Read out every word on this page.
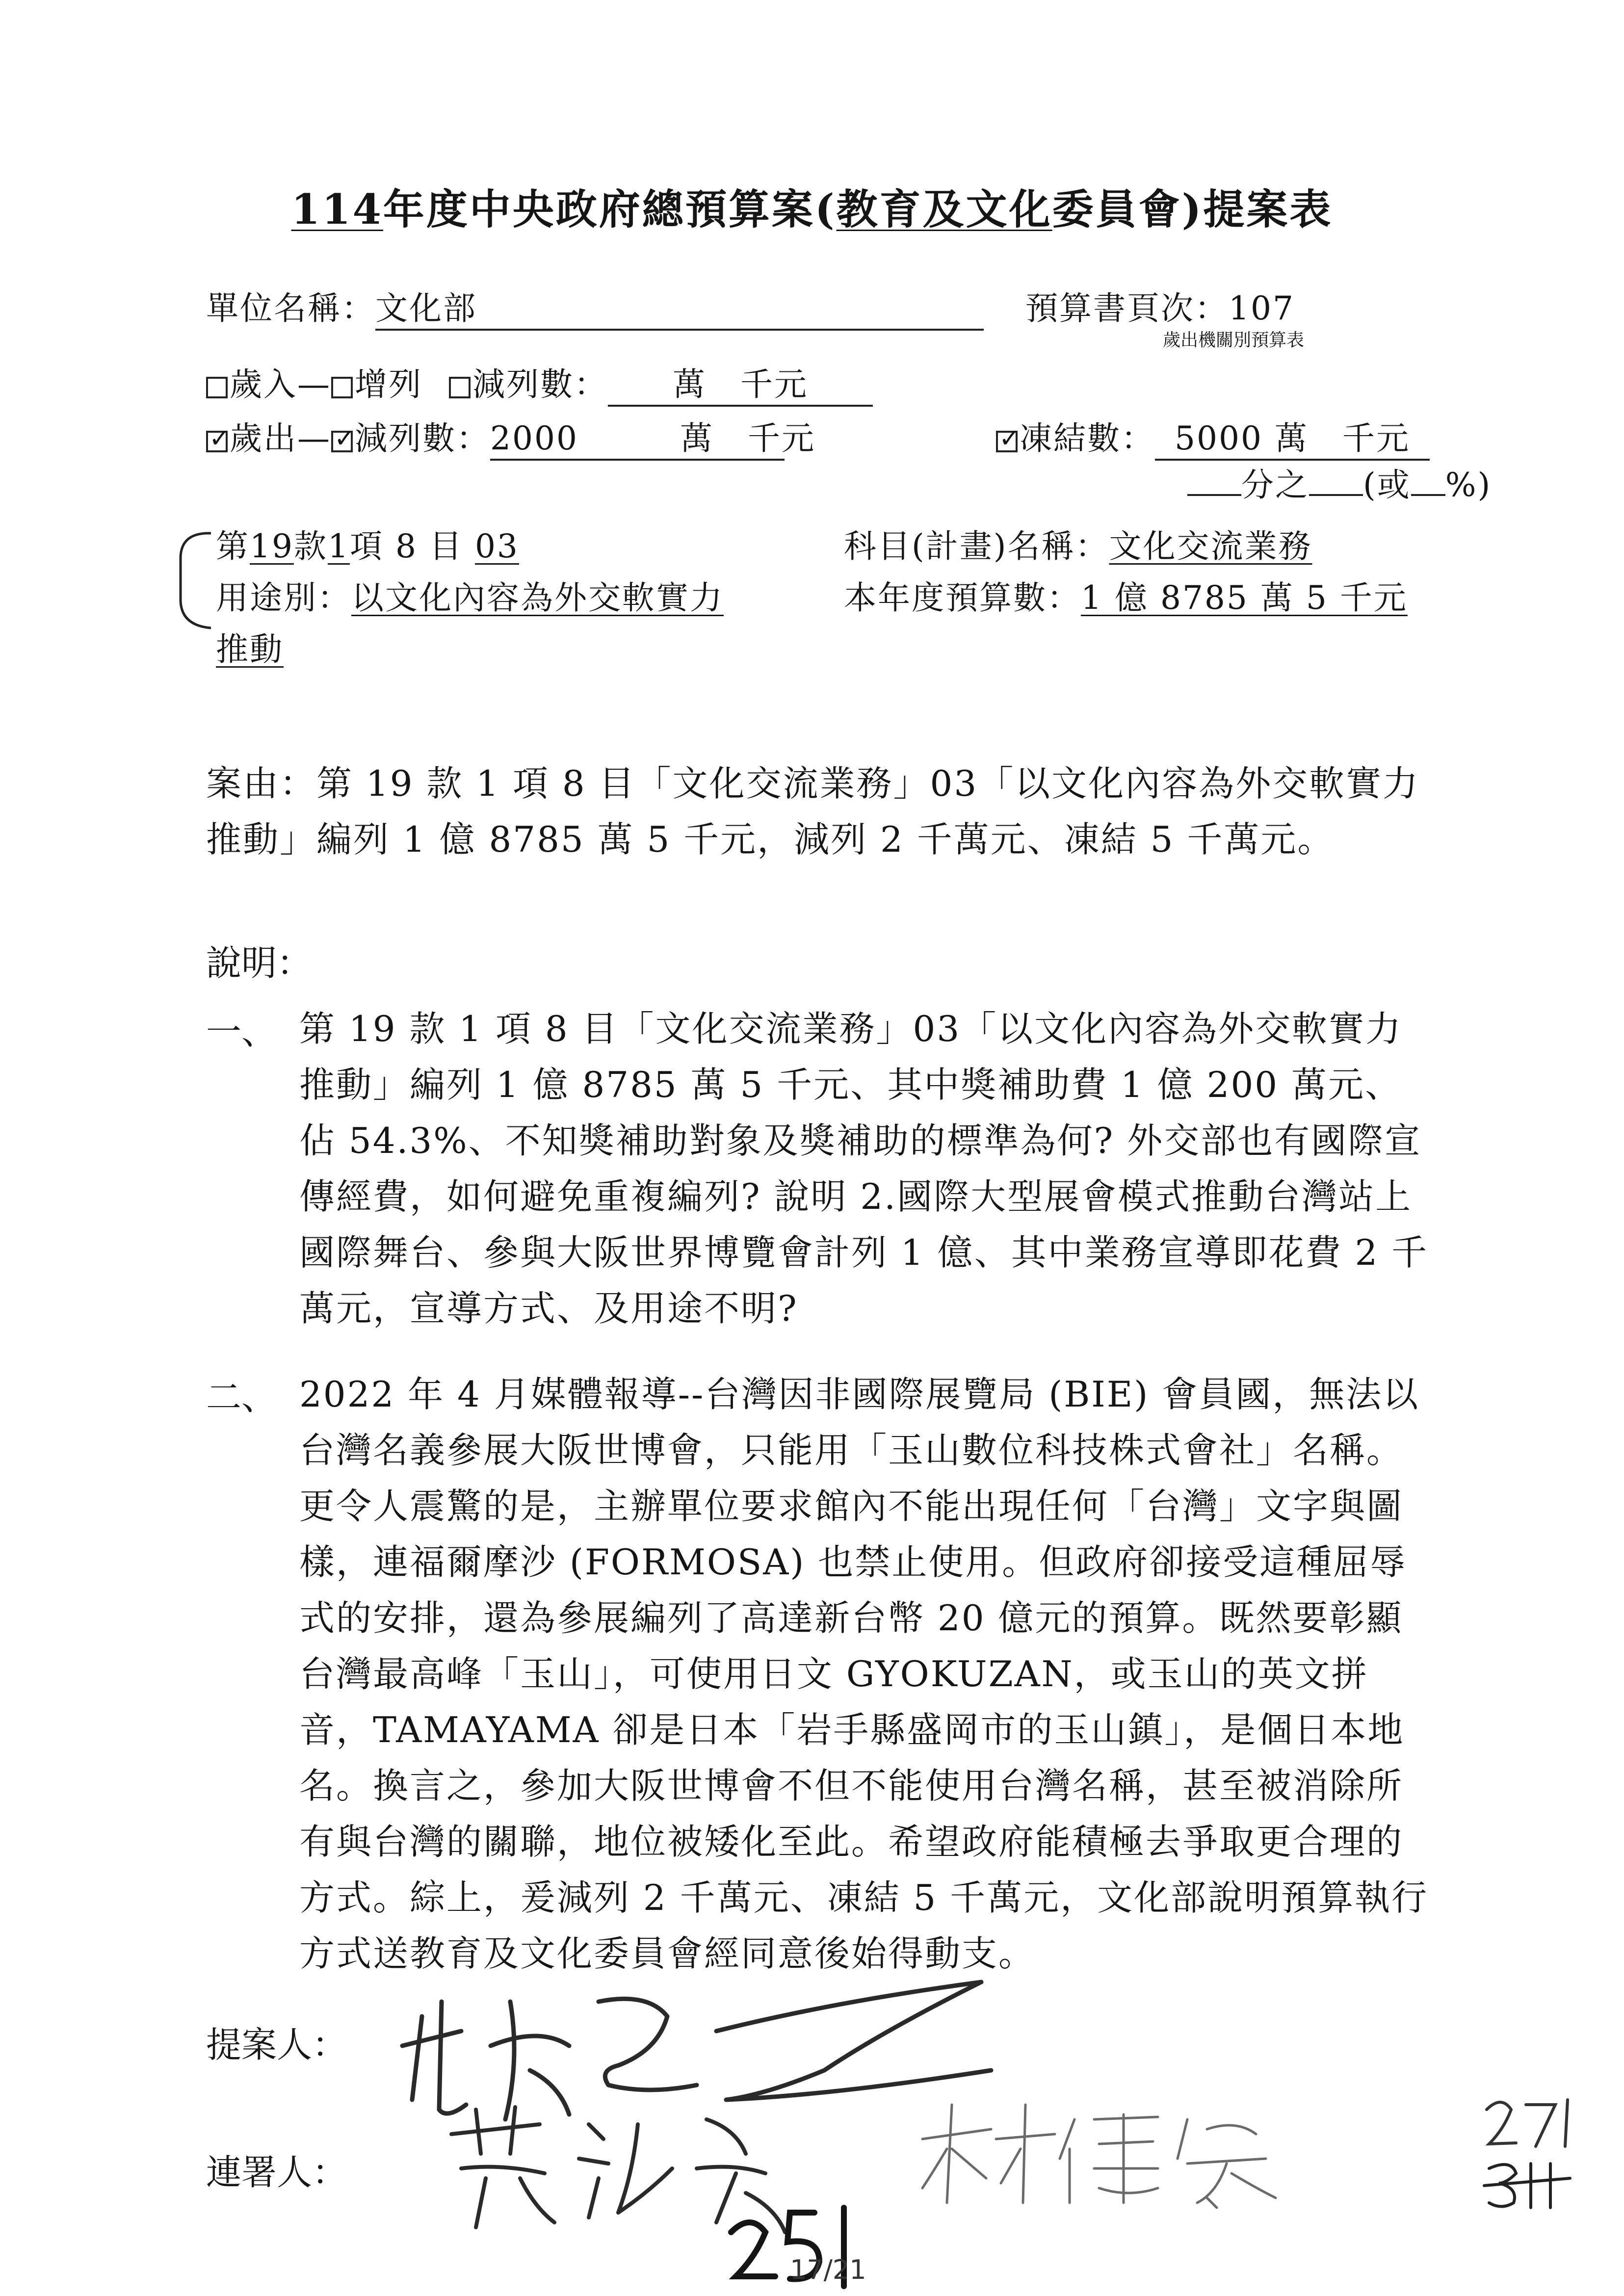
114年度中央政府總預算案(教育及文化委員會)提案表
單位名稱：文化部	預算書頁次：107
歲出機關別預算表
歲入— 增列 減列數： 萬　 千元
✓歲出— ✓ 減列數：2000　　　	萬　 千元 ✓	凍結數： 5000 萬　 千元
分之 (或 %)
第19款1項 8 目 03	科目(計畫)名稱：文化交流業務
用途別：以文化內容為外交軟實力
推動
本年度預算數：1 億 8785 萬 5 千元
案由：第 19 款 1 項 8 目「文化交流業務」03「以文化內容為外交軟實力推動」編列 1 億 8785 萬 5 千元，減列 2 千萬元、凍結 5 千萬元。
說明：
一、 第 19 款 1 項 8 目「文化交流業務」03「以文化內容為外交軟實力推動」編列 1 億 8785 萬 5 千元、其中獎補助費 1 億 200 萬元、佔 54.3%、不知獎補助對象及獎補助的標準為何? 外交部也有國際宣傳經費，如何避免重複編列? 說明 2.國際大型展會模式推動台灣站上國際舞台、參與大阪世界博覽會計列 1 億、其中業務宣導即花費 2 千萬元，宣導方式、及用途不明?
二、 2022 年 4 月媒體報導--台灣因非國際展覽局 (BIE) 會員國，無法以台灣名義參展大阪世博會，只能用「玉山數位科技株式會社」名稱。更令人震驚的是，主辦單位要求館內不能出現任何「台灣」文字與圖樣，連福爾摩沙 (FORMOSA) 也禁止使用。但政府卻接受這種屈辱式的安排，還為參展編列了高達新台幣 20 億元的預算。既然要彰顯台灣最高峰「玉山」，可使用日文 GYOKUZAN，或玉山的英文拼音，TAMAYAMA 卻是日本「岩手縣盛岡市的玉山鎮」，是個日本地名。換言之，參加大阪世博會不但不能使用台灣名稱，甚至被消除所有與台灣的關聯，地位被矮化至此。希望政府能積極去爭取更合理的方式。綜上，爰減列 2 千萬元、凍結 5 千萬元，文化部說明預算執行方式送教育及文化委員會經同意後始得動支。
提案人：
連署人：
17/21
